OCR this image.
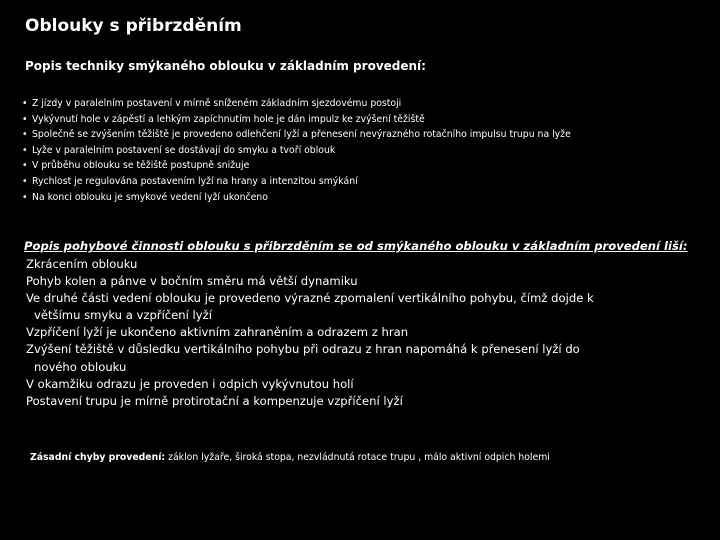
Oblouky s přibrzděním

Popis techniky smýkaného oblouku v základním provedení:

• Z jízdy v paralelním postavení v mírně sníženém základním sjezdovému postoji
• Vykývnutí hole v zápěstí a lehkým zapíchnutím hole je dán impulz ke zvýšení těžiště
• Společně se zvýšením těžiště je provedeno odlehčení lyží a přenesení nevýrazného rotačního impulsu trupu na lyže
• Lyže v paralelním postavení se dostávají do smyku a tvoří oblouk
• V průběhu oblouku se těžiště postupně snižuje
• Rychlost je regulována postavením lyží na hrany a intenzitou smýkání
• Na konci oblouku je smykové vedení lyží ukončeno

Popis pohybové činnosti oblouku s přibrzděním se od smýkaného oblouku v základním provedení liší:

Zkrácením oblouku
Pohyb kolen a pánve v bočním směru má větší dynamiku
Ve druhé části vedení oblouku je provedeno výrazné zpomalení vertikálního pohybu, čímž dojde k
většímu smyku a vzpříčení lyží
Vzpříčení lyží je ukončeno aktivním zahraněním a odrazem z hran
Zvýšení těžiště v důsledku vertikálního pohybu při odrazu z hran napomáhá k přenesení lyží do
nového oblouku
V okamžiku odrazu je proveden i odpich vykývnutou holí
Postavení trupu je mírně protirotační a kompenzuje vzpříčení lyží
Zásadní chyby provedení: záklon lyžaře, široká stopa, nezvládnutá rotace trupu , málo aktivní odpich holemi
